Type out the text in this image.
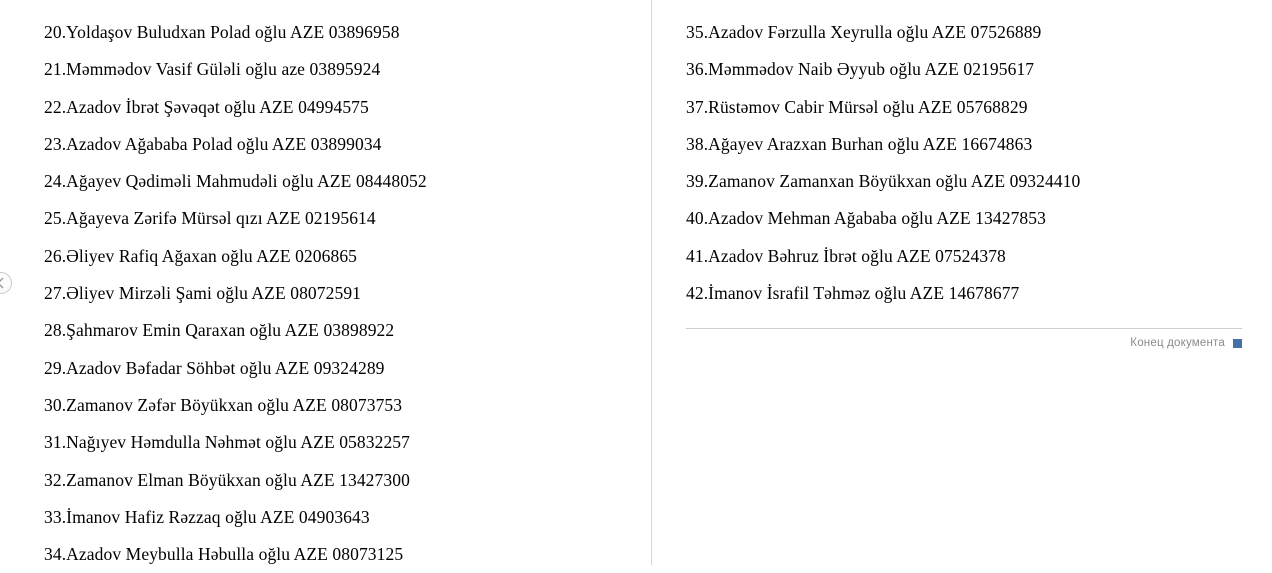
20.Yoldaşov Buludxan Polad oğlu AZE 03896958
21.Məmmədov Vasif Güləli oğlu aze 03895924
22.Azadov İbrət Şəvəqət oğlu AZE 04994575
23.Azadov Ağababa Polad oğlu AZE 03899034
24.Ağayev Qədiməli Mahmudəli oğlu AZE 08448052
25.Ağayeva Zərifə Mürsəl qızı AZE 02195614
26.Əliyev Rafiq Ağaxan oğlu AZE 0206865
27.Əliyev Mirzəli Şami oğlu AZE 08072591
28.Şahmarov Emin Qaraxan oğlu AZE 03898922
29.Azadov Bəfadar Söhbət oğlu AZE 09324289
30.Zamanov Zəfər Böyükxan oğlu AZE 08073753
31.Nağıyev Həmdulla Nəhmət oğlu AZE 05832257
32.Zamanov Elman Böyükxan oğlu AZE 13427300
33.İmanov Hafiz Rəzzaq oğlu AZE 04903643
34.Azadov Meybulla Həbulla oğlu AZE 08073125
35.Azadov Fərzulla Xeyrulla oğlu AZE 07526889
36.Məmmədov Naib Əyyub oğlu AZE 02195617
37.Rüstəmov Cabir Mürsəl oğlu AZE 05768829
38.Ağayev Arazxan Burhan oğlu AZE 16674863
39.Zamanov Zamanxan Böyükxan oğlu AZE 09324410
40.Azadov Mehman Ağababa oğlu AZE 13427853
41.Azadov Bəhruz İbrət oğlu AZE 07524378
42.İmanov İsrafil Təhməz oğlu AZE 14678677
Конец документа
